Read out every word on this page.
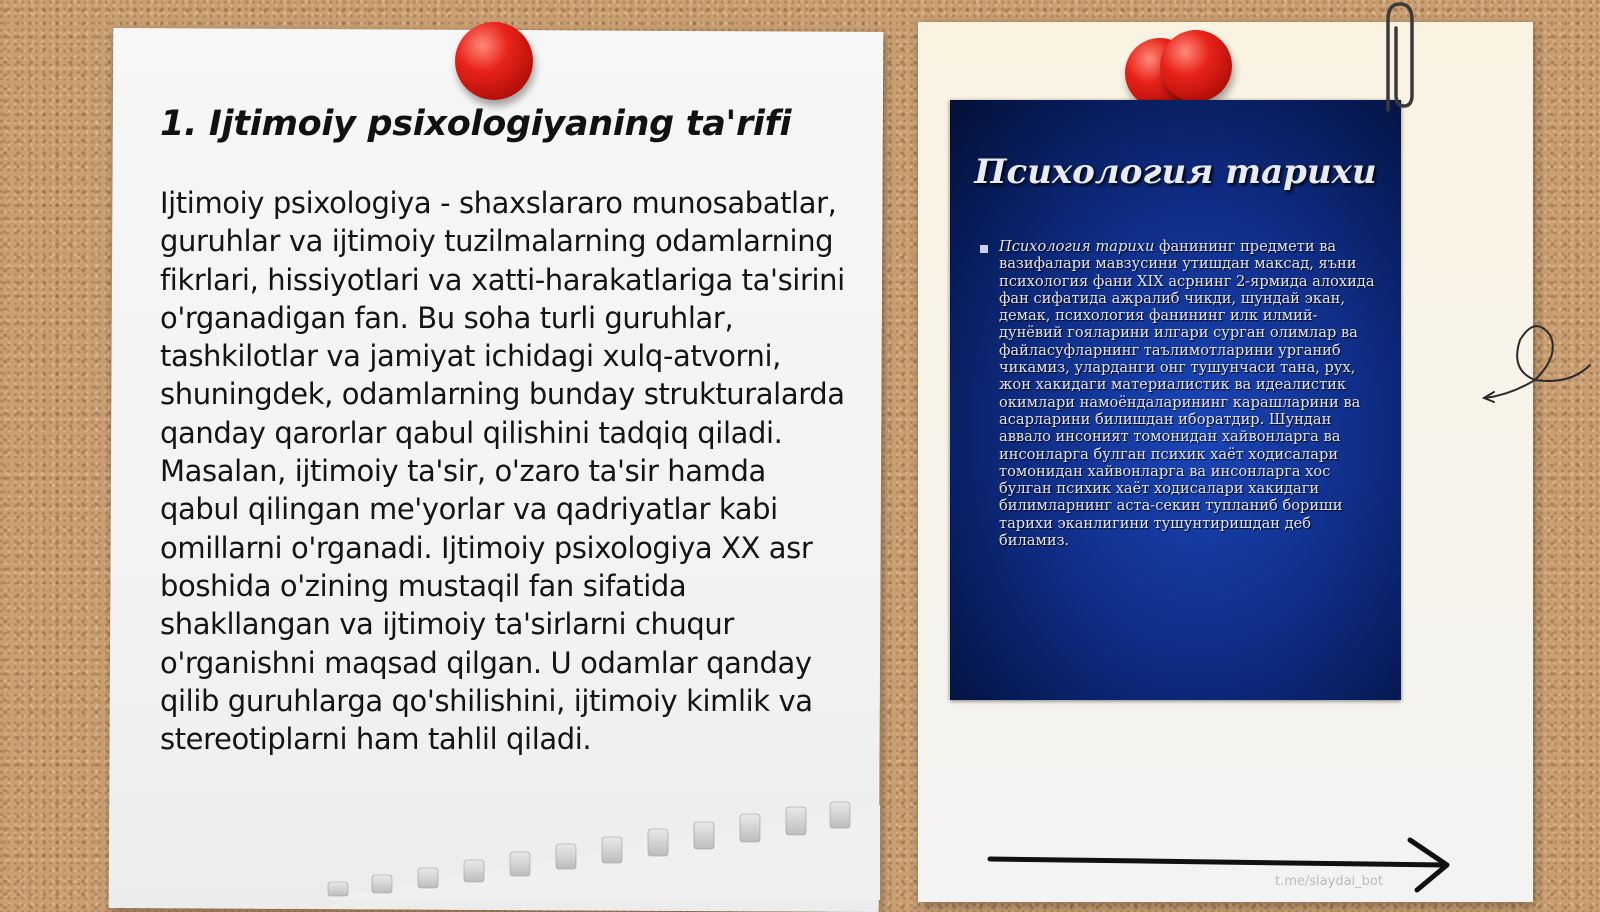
1. Ijtimoiy psixologiyaning ta'rifi

Ijtimoiy psixologiya - shaxslararo munosabatlar, guruhlar va ijtimoiy tuzilmalarning odamlarning fikrlari, hissiyotlari va xatti-harakatlariga ta'sirini o'rganadigan fan. Bu soha turli guruhlar, tashkilotlar va jamiyat ichidagi xulq-atvorni, shuningdek, odamlarning bunday strukturalarda qanday qarorlar qabul qilishini tadqiq qiladi. Masalan, ijtimoiy ta'sir, o'zaro ta'sir hamda qabul qilingan me'yorlar va qadriyatlar kabi omillarni o'rganadi. Ijtimoiy psixologiya XX asr boshida o'zining mustaqil fan sifatida shakllangan va ijtimoiy ta'sirlarni chuqur o'rganishni maqsad qilgan. U odamlar qanday qilib guruhlarga qo'shilishini, ijtimoiy kimlik va stereotiplarni ham tahlil qiladi.

Психология тарихи

Психология тарихи фанининг предмети ва вазифалари мавзусини утишдан максад, яъни психология фани XIX асрнинг 2-ярмида алохида фан сифатида ажралиб чикди, шундай экан, демак, психология фанининг илк илмий-дунёвий гояларини илгари сурган олимлар ва файласуфларнинг таълимотларини урганиб чикамиз, уларданги онг тушунчаси тана, рух, жон хакидаги материалистик ва идеалистик окимлари намоёндаларининг карашларини ва асарларини билишдан иборатдир. Шундан аввало инсоният томонидан хайвонларга ва инсонларга булган психик хаёт ходисалари томонидан хайвонларга ва инсонларга хос булган психик хаёт ходисалари хакидаги билимларнинг аста-секин тупланиб бориши тарихи эканлигини тушунтиришдан деб биламиз.

t.me/slaydai_bot
